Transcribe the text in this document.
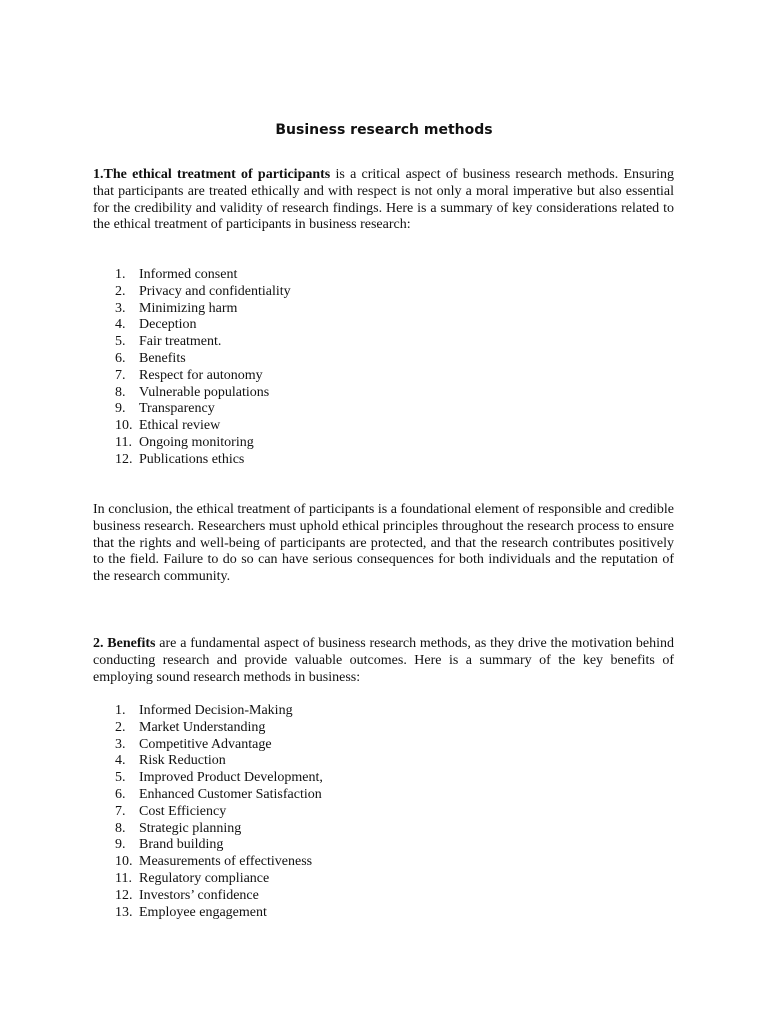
Business research methods

1.The ethical treatment of participants is a critical aspect of business research methods. Ensuring that participants are treated ethically and with respect is not only a moral imperative but also essential for the credibility and validity of research findings. Here is a summary of key considerations related to the ethical treatment of participants in business research:

1. Informed consent
2. Privacy and confidentiality
3. Minimizing harm
4. Deception
5. Fair treatment.
6. Benefits
7. Respect for autonomy
8. Vulnerable populations
9. Transparency
10. Ethical review
11. Ongoing monitoring
12. Publications ethics

In conclusion, the ethical treatment of participants is a foundational element of responsible and credible business research. Researchers must uphold ethical principles throughout the research process to ensure that the rights and well-being of participants are protected, and that the research contributes positively to the field. Failure to do so can have serious consequences for both individuals and the reputation of the research community.

2. Benefits are a fundamental aspect of business research methods, as they drive the motivation behind conducting research and provide valuable outcomes. Here is a summary of the key benefits of employing sound research methods in business:

1. Informed Decision-Making
2. Market Understanding
3. Competitive Advantage
4. Risk Reduction
5. Improved Product Development,
6. Enhanced Customer Satisfaction
7. Cost Efficiency
8. Strategic planning
9. Brand building
10. Measurements of effectiveness
11. Regulatory compliance
12. Investors’ confidence
13. Employee engagement
